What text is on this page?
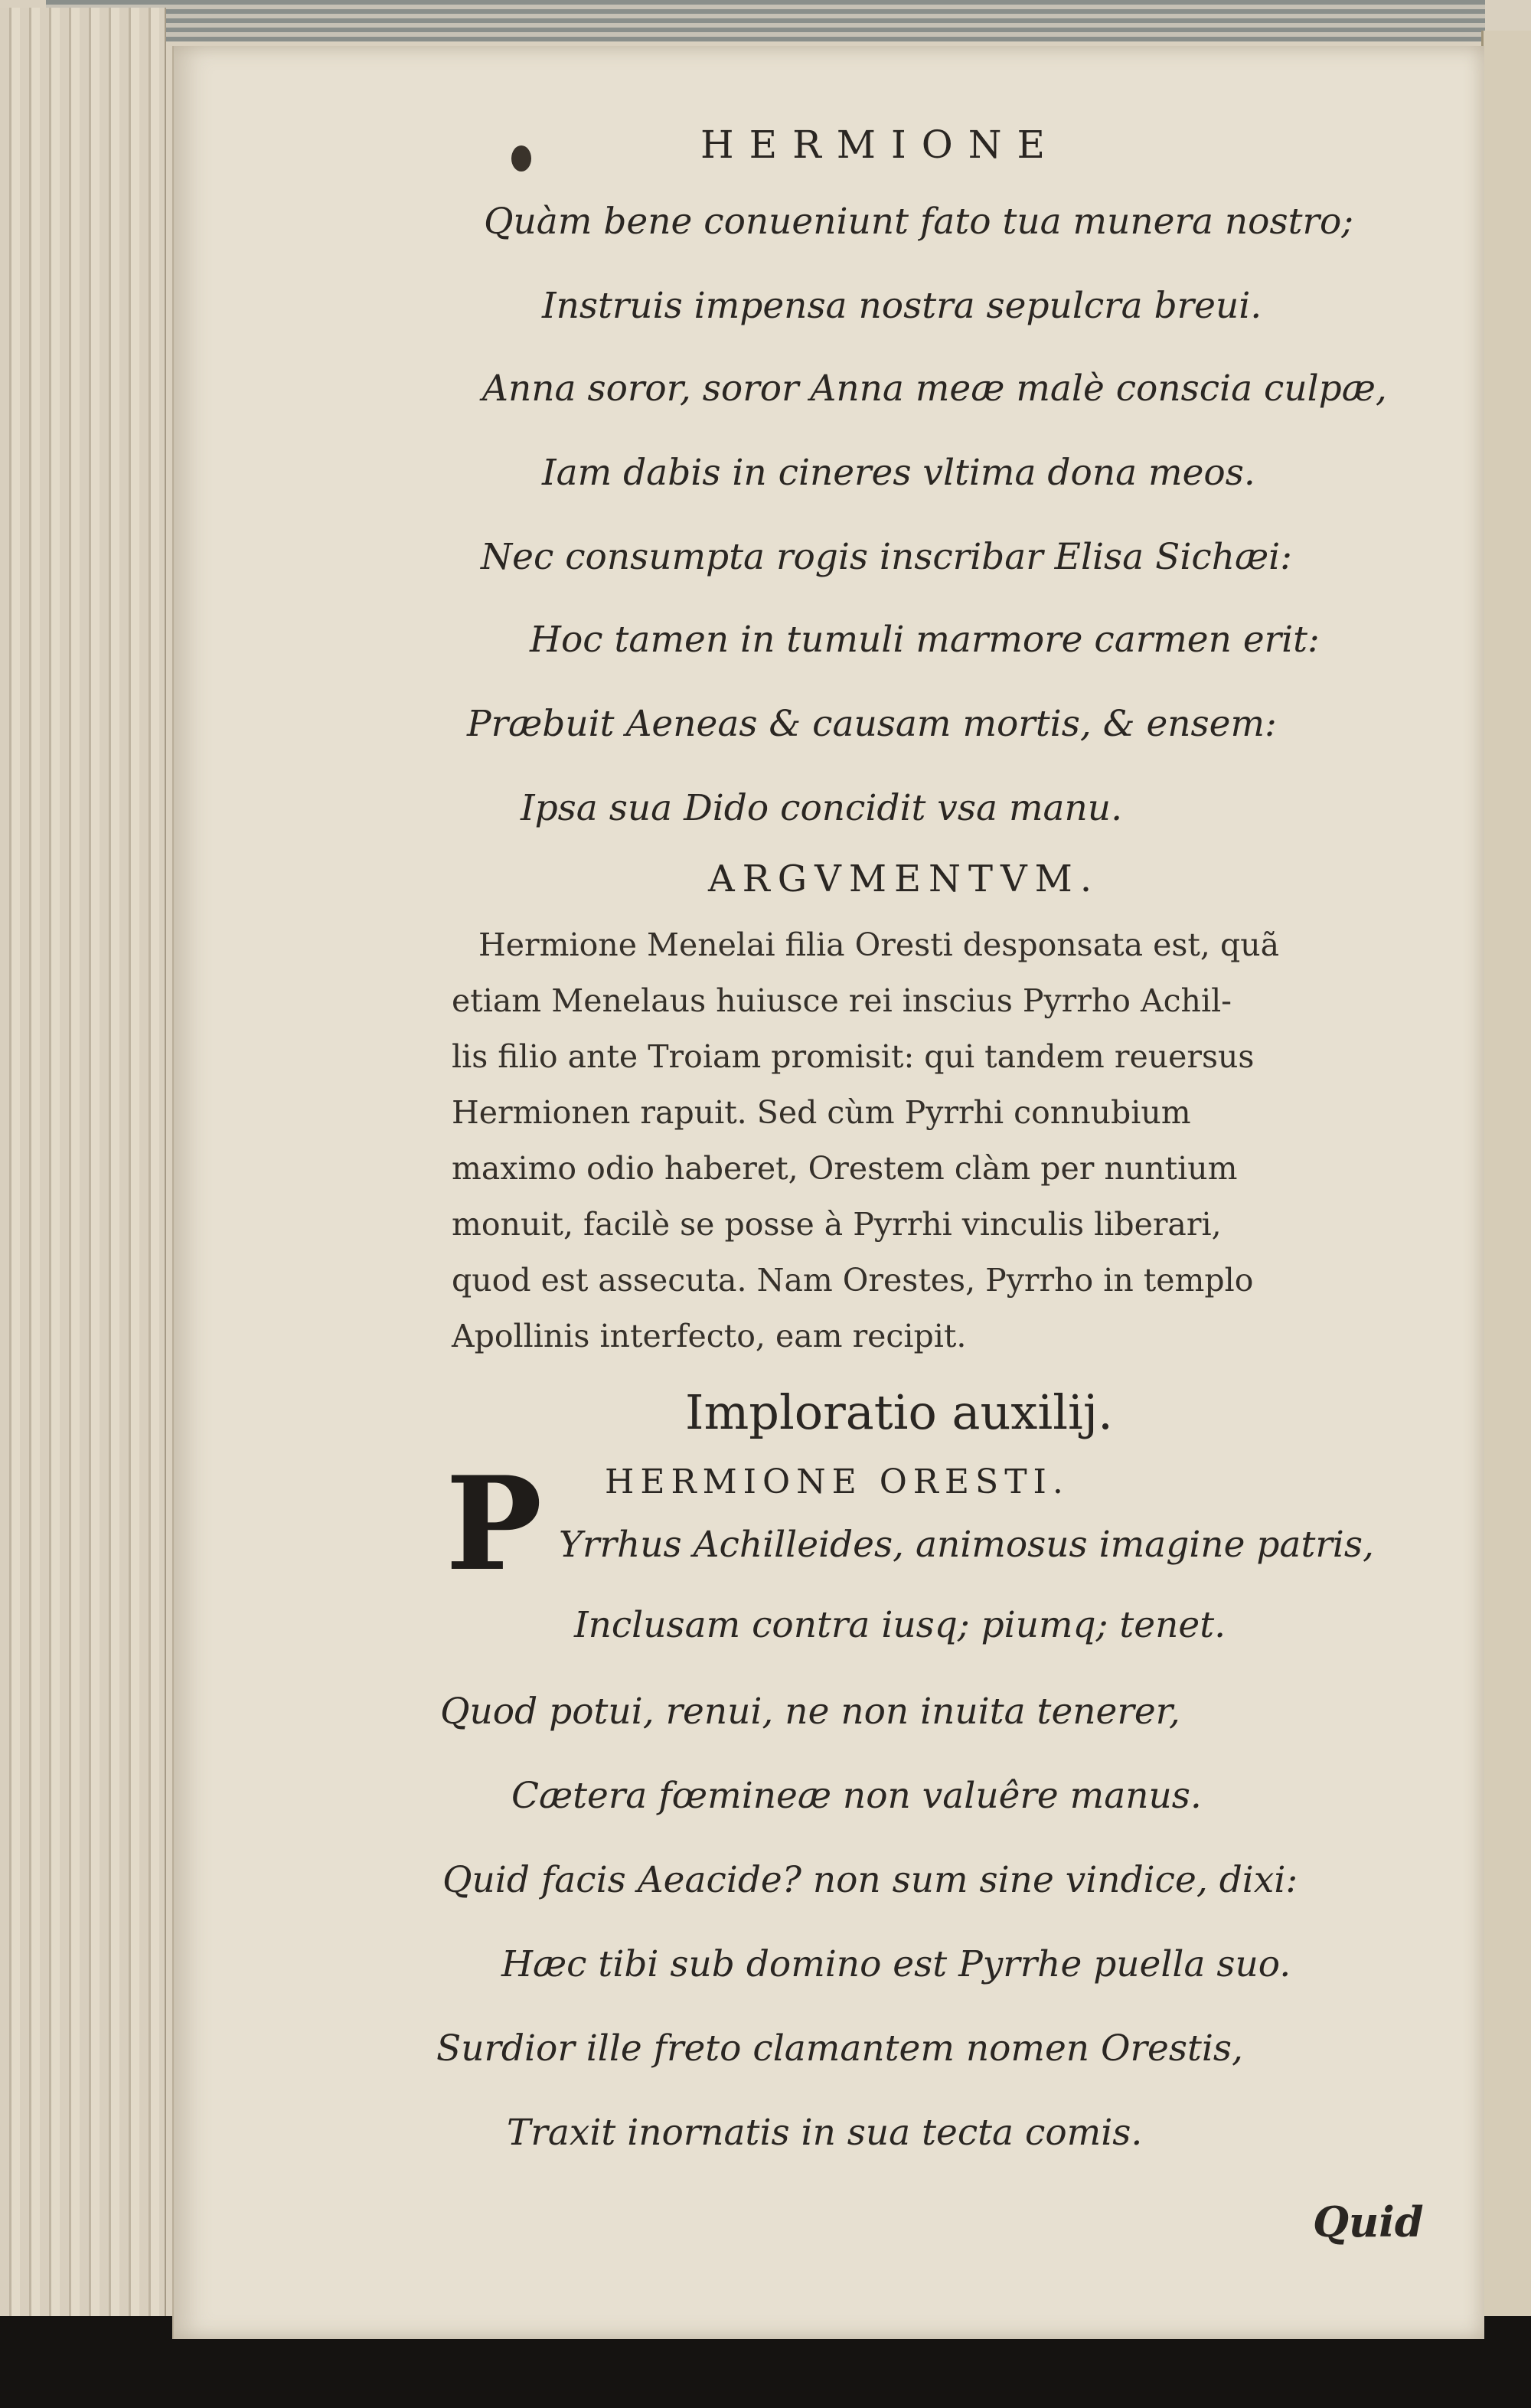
HERMIONE
Quàm bene conueniunt fato tua munera nostro;
Instruis impensa nostra sepulcra breui.
Anna soror, soror Anna meæ malè conscia culpæ,
Iam dabis in cineres vltima dona meos.
Nec consumpta rogis inscribar Elisa Sichæi:
Hoc tamen in tumuli marmore carmen erit:
Præbuit Aeneas & causam mortis, & ensem:
Ipsa sua Dido concidit vsa manu.
ARGVMENTVM.
Hermione Menelai filia Oresti desponsata est, quã
etiam Menelaus huiusce rei inscius Pyrrho Achil-
lis filio ante Troiam promisit: qui tandem reuersus
Hermionen rapuit. Sed cùm Pyrrhi connubium
maximo odio haberet, Orestem clàm per nuntium
monuit, facilè se posse à Pyrrhi vinculis liberari,
quod est assecuta. Nam Orestes, Pyrrho in templo
Apollinis interfecto, eam recipit.
Imploratio auxilij.
HERMIONE ORESTI.
P Yrrhus Achilleides, animosus imagine patris,
Inclusam contra iusq; piumq; tenet.
Quod potui, renui, ne non inuita tenerer,
Cætera fœmineæ non valuêre manus.
Quid facis Aeacide? non sum sine vindice, dixi:
Hæc tibi sub domino est Pyrrhe puella suo.
Surdior ille freto clamantem nomen Orestis,
Traxit inornatis in sua tecta comis.
Quid
